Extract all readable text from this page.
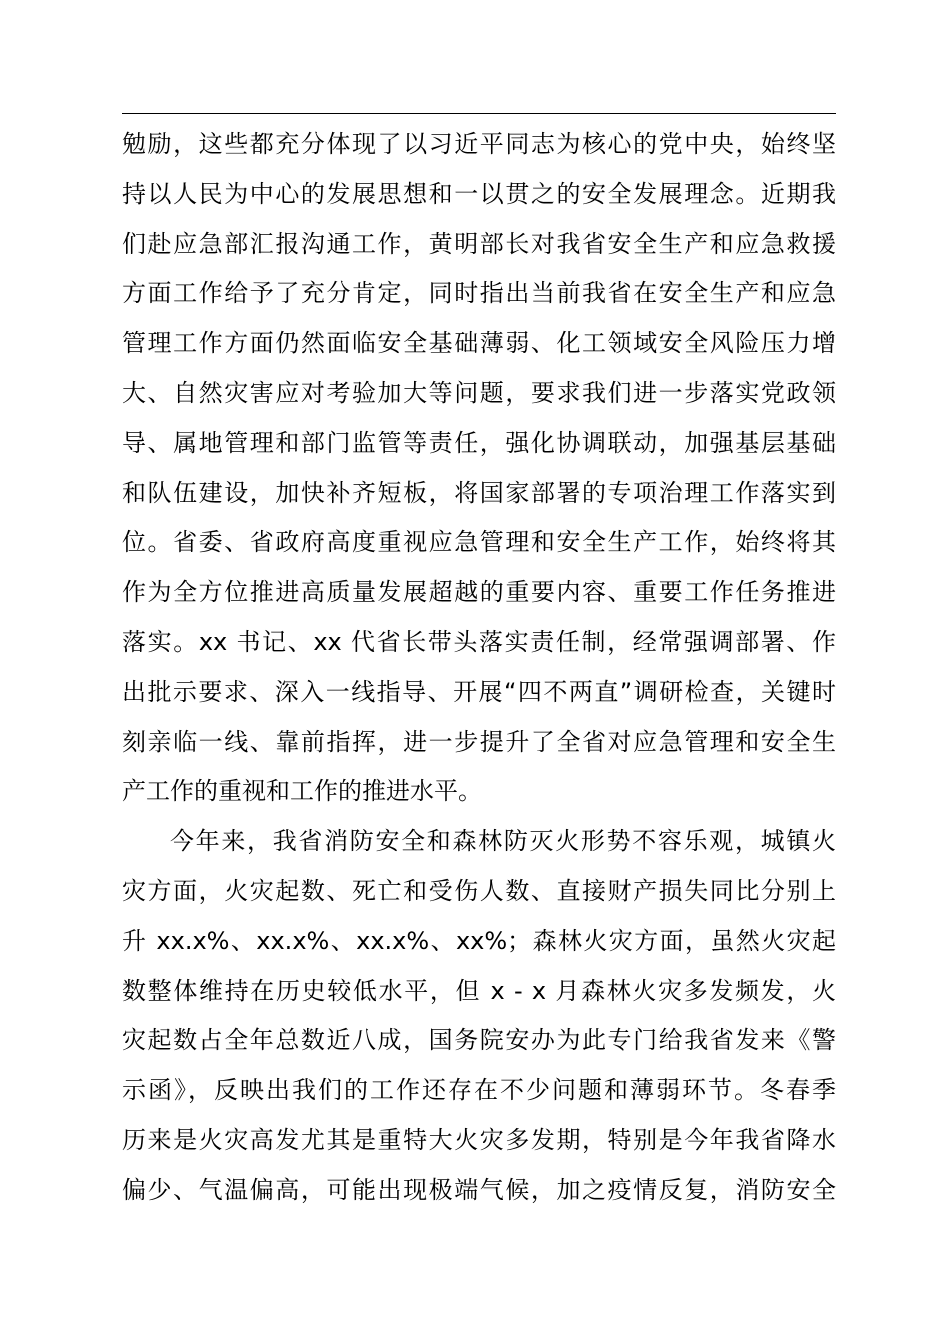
勉励，这些都充分体现了以习近平同志为核心的党中央，始终坚
持以人民为中心的发展思想和一以贯之的安全发展理念。近期我
们赴应急部汇报沟通工作，黄明部长对我省安全生产和应急救援
方面工作给予了充分肯定，同时指出当前我省在安全生产和应急
管理工作方面仍然面临安全基础薄弱、化工领域安全风险压力增
大、自然灾害应对考验加大等问题，要求我们进一步落实党政领
导、属地管理和部门监管等责任，强化协调联动，加强基层基础
和队伍建设，加快补齐短板，将国家部署的专项治理工作落实到
位。省委、省政府高度重视应急管理和安全生产工作，始终将其
作为全方位推进高质量发展超越的重要内容、重要工作任务推进
落实。xx 书记、xx 代省长带头落实责任制，经常强调部署、作
出批示要求、深入一线指导、开展“四不两直”调研检查，关键时
刻亲临一线、靠前指挥，进一步提升了全省对应急管理和安全生
产工作的重视和工作的推进水平。
今年来，我省消防安全和森林防灭火形势不容乐观，城镇火
灾方面，火灾起数、死亡和受伤人数、直接财产损失同比分别上
升 xx.x%、xx.x%、xx.x%、xx%；森林火灾方面，虽然火灾起
数整体维持在历史较低水平，但 x - x 月森林火灾多发频发，火
灾起数占全年总数近八成，国务院安办为此专门给我省发来《警
示函》，反映出我们的工作还存在不少问题和薄弱环节。冬春季
历来是火灾高发尤其是重特大火灾多发期，特别是今年我省降水
偏少、气温偏高，可能出现极端气候，加之疫情反复，消防安全
